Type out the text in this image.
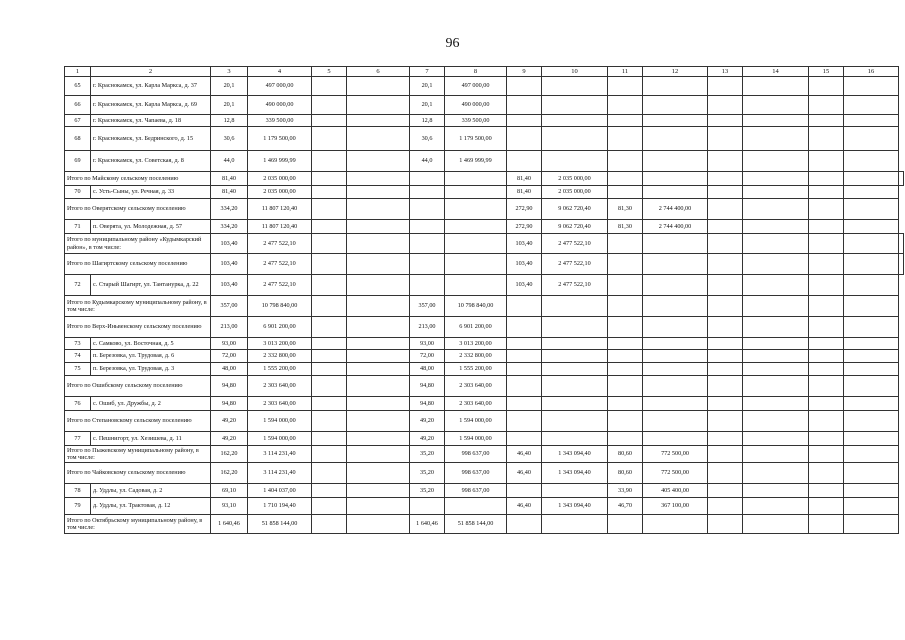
96
1	2	3	4	5	6	7	8	9	10	11	12	13	14	15	16	
65	г. Краснокамск, ул. Карла Маркса, д. 37	20,1	497 000,00			20,1	497 000,00									
66	г. Краснокамск, ул. Карла Маркса, д. 69	20,1	490 000,00			20,1	490 000,00									
67	г. Краснокамск, ул. Чапаева, д. 18	12,8	339 500,00			12,8	339 500,00									
68	г. Краснокамск, ул. Бедринского, д. 15	30,6	1 179 500,00			30,6	1 179 500,00									
69	г. Краснокамск, ул. Советская, д. 8	44,0	1 469 999,99			44,0	1 469 999,99									
Итого по Майскому сельскому поселению		81,40	2 035 000,00					81,40	2 035 000,00							
70	с. Усть-Сыны, ул. Речная, д. 33	81,40	2 035 000,00					81,40	2 035 000,00							
Итого по Оверятскому сельскому поселению		334,20	11 807 120,40					272,90	9 062 720,40	81,30	2 744 400,00					
71	п. Оверята, ул. Молодежная, д. 57	334,20	11 807 120,40					272,90	9 062 720,40	81,30	2 744 400,00					
Итого по муниципальному району «Кудымкарский район», в том числе:		103,40	2 477 522,10					103,40	2 477 522,10							
Итого по Шагиртскому сельскому поселению		103,40	2 477 522,10					103,40	2 477 522,10							
72	с. Старый Шагирт, ул. Тантанурка, д. 22	103,40	2 477 522,10					103,40	2 477 522,10							
Итого по Кудымкарскому муниципальному району, в том числе:		357,00	10 798 840,00			357,00	10 798 840,00									
Итого по Верх-Иньвенскому сельскому поселению		213,00	6 901 200,00			213,00	6 901 200,00									
73	с. Самково, ул. Восточная, д. 5	93,00	3 013 200,00			93,00	3 013 200,00									
74	п. Березовка, ул. Трудовая, д. 6	72,00	2 332 800,00			72,00	2 332 800,00									
75	п. Березовка, ул. Трудовая, д. 3	48,00	1 555 200,00			48,00	1 555 200,00									
Итого по Ошибскому сельскому поселению		94,80	2 303 640,00			94,80	2 303 640,00									
76	с. Ошиб, ул. Дружбы, д. 2	94,80	2 303 640,00			94,80	2 303 640,00									
Итого по Степановскому сельскому поселению		49,20	1 594 000,00			49,20	1 594 000,00									
77	с. Пешнигорт, ул. Хезишева, д. 11	49,20	1 594 000,00			49,20	1 594 000,00									
Итого по Пыжевскому муниципальному району, в том числе:		162,20	3 114 231,40			35,20	998 637,00	46,40	1 343 094,40	80,60	772 500,00					
Итого по Чайковскому сельскому поселению		162,20	3 114 231,40			35,20	998 637,00	46,40	1 343 094,40	80,60	772 500,00					
78	д. Уддлы, ул. Садовая, д. 2	69,10	1 404 037,00			35,20	998 637,00			33,90	405 400,00					
79	д. Уддлы, ул. Трактовая, д. 12	93,10	1 710 194,40					46,40	1 343 094,40	46,70	367 100,00					
Итого по Октябрьскому муниципальному району, в том числе:		1 640,46	51 858 144,00			1 640,46	51 858 144,00									
